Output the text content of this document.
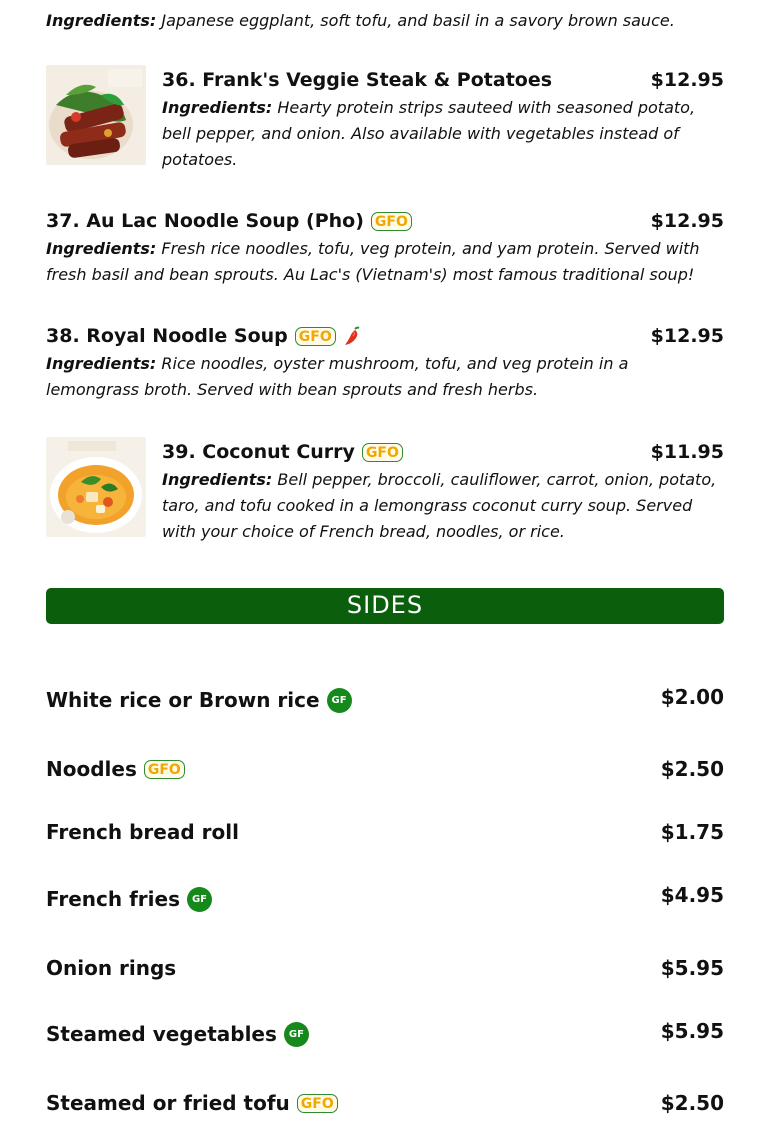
Ingredients: Japanese eggplant, soft tofu, and basil in a savory brown sauce.
36. Frank's Veggie Steak & Potatoes	$12.95
Ingredients: Hearty protein strips sauteed with seasoned potato, bell pepper, and onion. Also available with vegetables instead of potatoes.
37. Au Lac Noodle Soup (Pho) GFO	$12.95
Ingredients: Fresh rice noodles, tofu, veg protein, and yam protein. Served with fresh basil and bean sprouts. Au Lac's (Vietnam's) most famous traditional soup!
38. Royal Noodle Soup GFO	$12.95
Ingredients: Rice noodles, oyster mushroom, tofu, and veg protein in a lemongrass broth. Served with bean sprouts and fresh herbs.
39. Coconut Curry GFO	$11.95
Ingredients: Bell pepper, broccoli, cauliflower, carrot, onion, potato, taro, and tofu cooked in a lemongrass coconut curry soup. Served with your choice of French bread, noodles, or rice.
SIDES
White rice or Brown rice	GF	$2.00
Noodles GFO	$2.50
French bread roll	$1.75
French fries	GF	$4.95
Onion rings	$5.95
Steamed vegetables	GF	$5.95
Steamed or fried tofu GFO	$2.50
